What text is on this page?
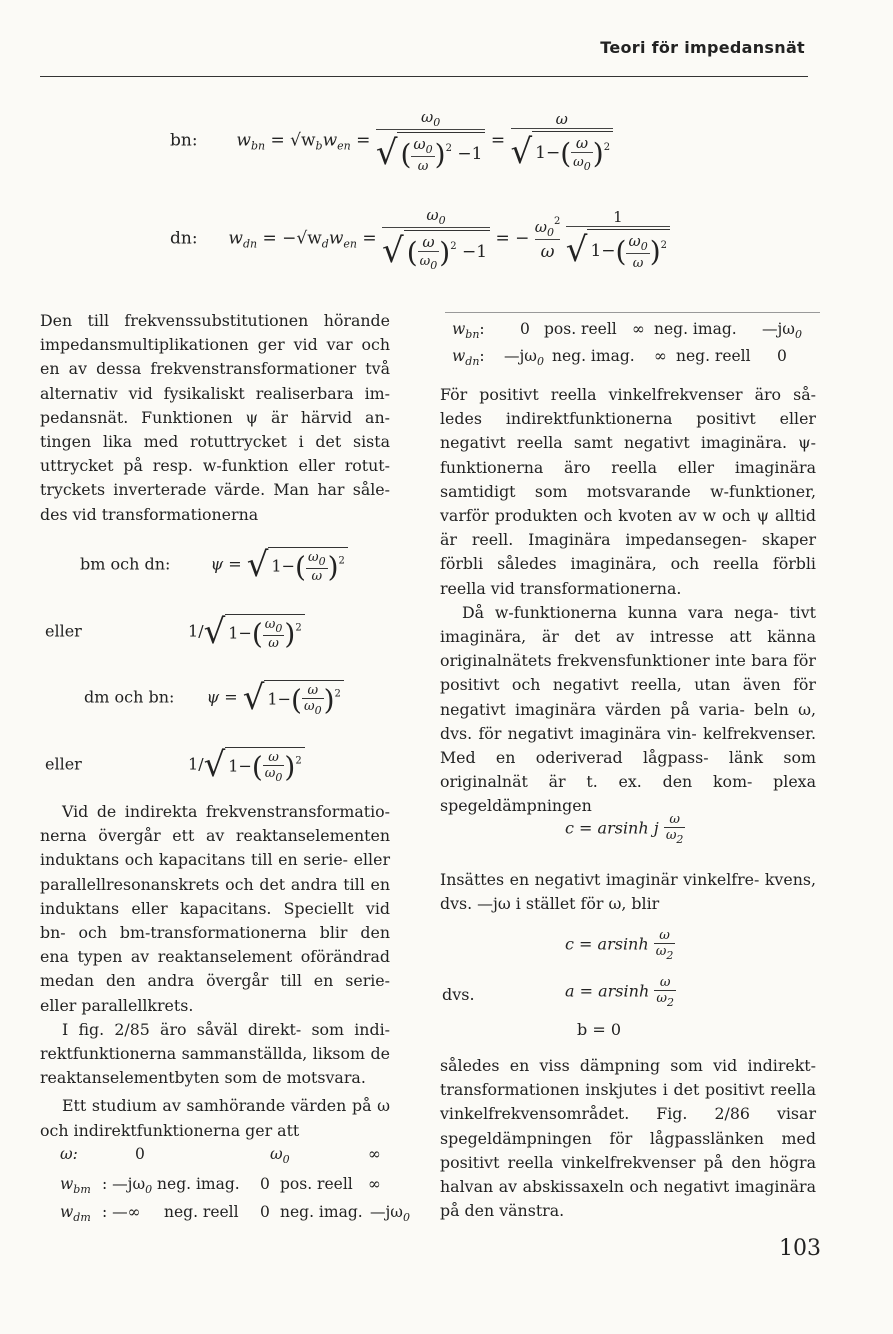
Teori för impedansnät
bn: $w_{bn} = √w_bw_{en} = \frac{\omega_0}{√ ( \frac{\omega_0}{\omega} )^2 -1} = \frac{\omega}{√ 1-( \frac{\omega}{\omega_0} )^2}$
dn: $w_{dn} = -√w_dw_{en} = \frac{\omega_0}{√ ( \frac{\omega}{\omega_0} )^2 -1}$ = − $\frac{\omega_0^2}{\omega}$
$\frac{1}{√ 1-( \frac{\omega_0}{\omega} )^2}$

Den till frekvenssubstitutionen hörande impedansmultiplikationen ger vid var och en av dessa frekvenstransformationer två alternativ vid fysikaliskt realiserbara im- pedansnät. Funktionen ψ är härvid an- tingen lika med rotuttrycket i det sista uttrycket på resp. w-funktion eller rotut- tryckets inverterade värde. Man har såle- des vid transformationerna

bm och dn:	ψ = √ $1-( \frac{\omega_0}{\omega} )^2$
eller	1/√ $1-( \frac{\omega_0}{\omega} )^2$
dm och bn: ψ = √ $1-( \frac{\omega}{\omega_0} )^2$
eller	1/√ $1-( \frac{\omega}{\omega_0} )^2$

Vid de indirekta frekvenstransformatio- nerna övergår ett av reaktanselementen induktans och kapacitans till en serie- eller parallellresonanskrets och det andra till en induktans eller kapacitans. Speciellt vid bn- och bm-transformationerna blir den ena typen av reaktanselement oförändrad medan den andra övergår till en serie- eller parallellkrets.

I fig. 2/85 äro såväl direkt- som indi- rektfunktionerna sammanställda, liksom de reaktanselementbyten som de motsvara.

Ett studium av samhörande värden på ω och indirektfunktionerna ger att

ω:	0	$\omega_0$	∞
$w_{bm}$ : $—j\omega_0$ neg. imag. 0 pos. reell ∞
$w_{dm}$ : —∞ neg. reell 0 neg. imag. $—j\omega_0$
$w_{bn}$: 0 pos. reell ∞ neg. imag. $—j\omega_0$
$w_{dn}$: $—j\omega_0$ neg. imag. ∞ neg. reell 0

För positivt reella vinkelfrekvenser äro så- ledes indirektfunktionerna positivt eller negativt reella samt negativt imaginära. ψ-funktionerna äro reella eller imaginära samtidigt som motsvarande w-funktioner, varför produkten och kvoten av w och ψ alltid är reell. Imaginära impedansegen- skaper förbli således imaginära, och reella förbli reella vid transformationerna.

Då w-funktionerna kunna vara nega- tivt imaginära, är det av intresse att känna originalnätets frekvensfunktioner inte bara för positivt och negativt reella, utan även för negativt imaginära värden på varia- beln ω, dvs. för negativt imaginära vin- kelfrekvenser. Med en oderiverad lågpass- länk som originalnät är t. ex. den kom- plexa spegeldämpningen

c = arsinh j $\frac{\omega}{\omega_2}$

Insättes en negativt imaginär vinkelfre- kvens, dvs. —jω i stället för ω, blir

c = arsinh $\frac{\omega}{\omega_2}$
dvs.	a = arsinh $\frac{\omega}{\omega_2}$
b = 0

således en viss dämpning som vid indirekt- transformationen inskjutes i det positivt reella vinkelfrekvensområdet. Fig. 2/86 visar spegeldämpningen för lågpasslänken med positivt reella vinkelfrekvenser på den högra halvan av abskissaxeln och negativt imaginära på den vänstra.

103
